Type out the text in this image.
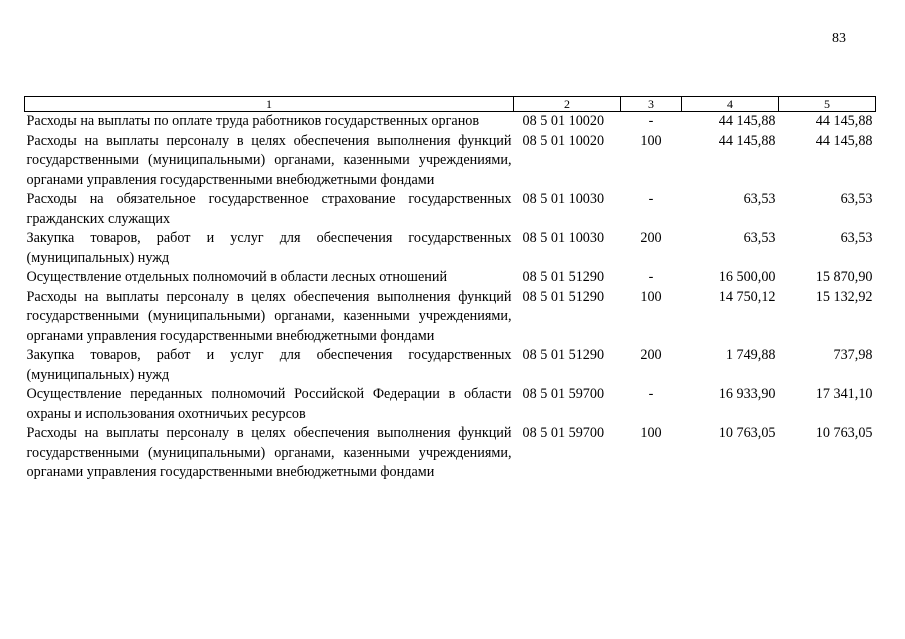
83
1	2	3	4	5
Расходы на выплаты по оплате труда работников государственных органов	08 5 01 10020	-	44 145,88	44 145,88
Расходы на выплаты персоналу в целях обеспечения выполнения функций государственными (муниципальными) органами, казенными учреждениями, органами управления государственными внебюджетными фондами	08 5 01 10020	100	44 145,88	44 145,88
Расходы на обязательное государственное страхование государственных гражданских служащих	08 5 01 10030	-	63,53	63,53
Закупка товаров, работ и услуг для обеспечения государственных (муниципальных) нужд	08 5 01 10030	200	63,53	63,53
Осуществление отдельных полномочий в области лесных отношений	08 5 01 51290	-	16 500,00	15 870,90
Расходы на выплаты персоналу в целях обеспечения выполнения функций государственными (муниципальными) органами, казенными учреждениями, органами управления государственными внебюджетными фондами	08 5 01 51290	100	14 750,12	15 132,92
Закупка товаров, работ и услуг для обеспечения государственных (муниципальных) нужд	08 5 01 51290	200	1 749,88	737,98
Осуществление переданных полномочий Российской Федерации в области охраны и использования охотничьих ресурсов	08 5 01 59700	-	16 933,90	17 341,10
Расходы на выплаты персоналу в целях обеспечения выполнения функций государственными (муниципальными) органами, казенными учреждениями, органами управления государственными внебюджетными фондами	08 5 01 59700	100	10 763,05	10 763,05
